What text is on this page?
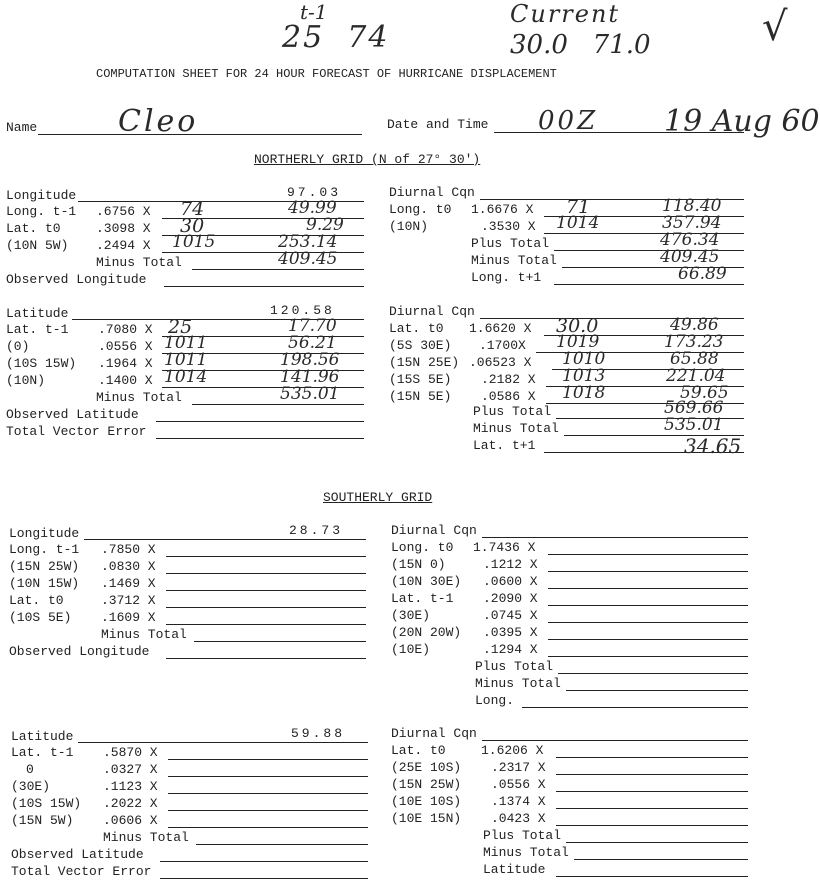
t-1
25  74
Current
30.0   71.0	√
COMPUTATION SHEET FOR 24 HOUR FORECAST OF HURRICANE DISPLACEMENT
Name	Cleo	Date and Time 00Z 19 Aug 60
NORTHERLY GRID (N of 27° 30')
Longitude	97.03
Long. t-1 .6756 X 74	49.99
Lat. t0	.3098 X 30	9.29
(10N 5W) .2494 X 1015	253.14
Minus Total	409.45
Observed Longitude
Diurnal Cqn
Long. t0 1.6676 X 71	118.40
(10N)	.3530 X 1014	357.94
Plus Total	476.34
Minus Total	409.45
Long. t+1	66.89
Latitude	120.58
Lat. t-1 .7080 X 25	17.70
(0)	.0556 X 1011	56.21
(10S 15W) .1964 X 1011	198.56
(10N)	.1400 X 1014	141.96
Minus Total	535.01
Observed Latitude
Total Vector Error
Diurnal Cqn
Lat. t0 1.6620 X 30.0	49.86
(5S 30E) .1700X 1019	173.23
(15N 25E) .06523 X 1010	65.88
(15S 5E) .2182 X 1013	221.04
(15N 5E) .0586 X 1018	59.65
Plus Total	569.66
Minus Total	535.01
Lat. t+1	34.65
SOUTHERLY GRID
Longitude	28.73
Long. t-1 .7850 X
(15N 25W) .0830 X
(10N 15W) .1469 X
Lat. t0	.3712 X
(10S 5E) .1609 X
Minus Total
Observed Longitude
Diurnal Cqn
Long. t0 1.7436 X
(15N 0)	.1212 X
(10N 30E) .0600 X
Lat. t-1 .2090 X
(30E)	.0745 X
(20N 20W) .0395 X
(10E)	.1294 X
Plus Total
Minus Total
Long.
Latitude	59.88
Lat. t-1 .5870 X
0	.0327 X
(30E)	.1123 X
(10S 15W) .2022 X
(15N 5W) .0606 X
Minus Total
Observed Latitude
Total Vector Error
Diurnal Cqn
Lat. t0	1.6206 X
(25E 10S) .2317 X
(15N 25W) .0556 X
(10E 10S) .1374 X
(10E 15N) .0423 X
Plus Total
Minus Total
Latitude
